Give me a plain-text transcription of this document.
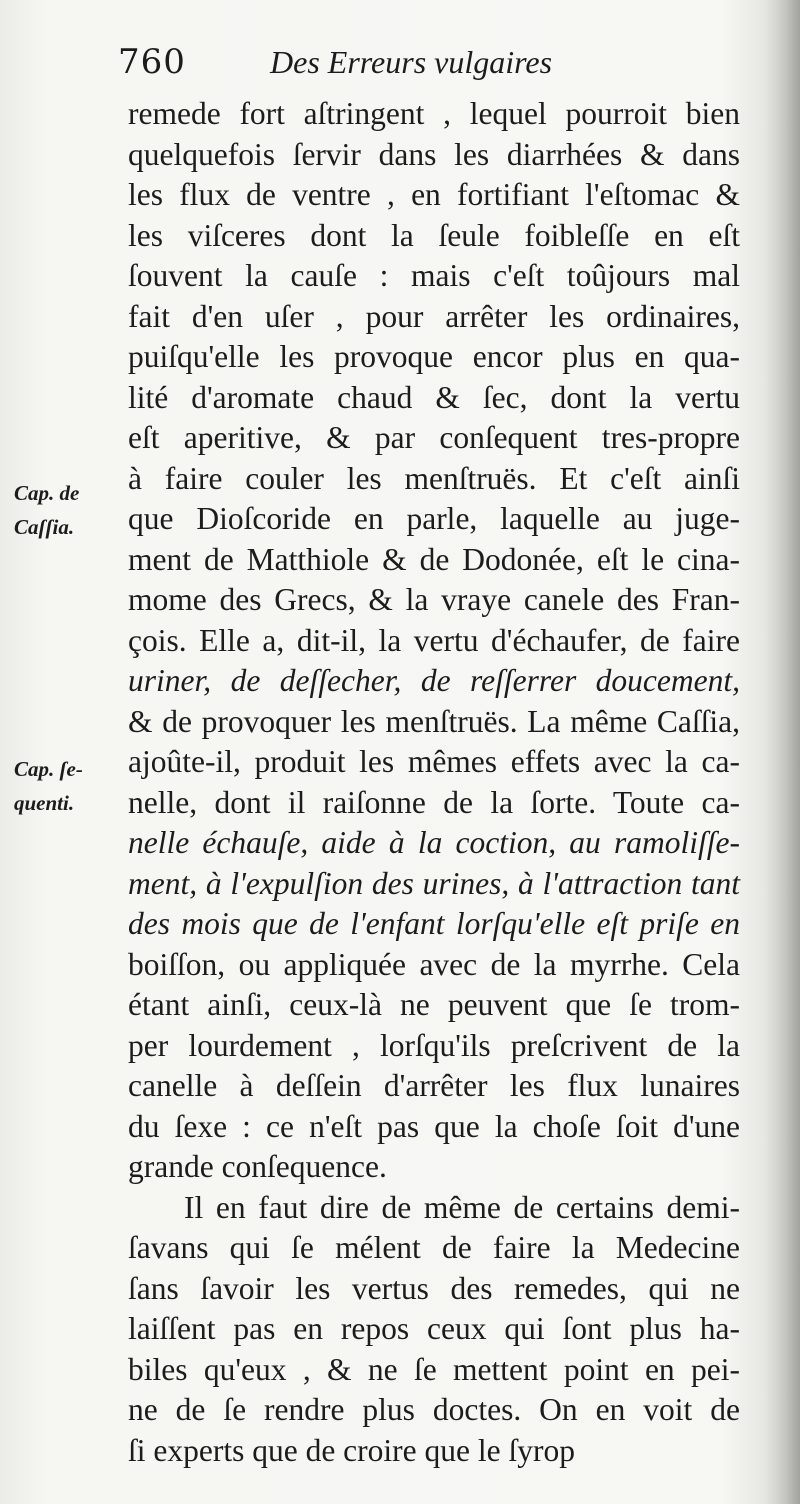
760	Des Erreurs vulgaires
Cap. de
Caſſia.
Cap. ſe-
quenti.
remede fort aſtringent , lequel pourroit bien
quelquefois ſervir dans les diarrhées & dans
les flux de ventre , en fortifiant l'eſtomac &
les viſceres dont la ſeule foibleſſe en eſt
ſouvent la cauſe : mais c'eſt toûjours mal
fait d'en uſer , pour arrêter les ordinaires,
puiſqu'elle les provoque encor plus en qua-
lité d'aromate chaud & ſec, dont la vertu
eſt aperitive, & par conſequent tres-propre
à faire couler les menſtruës. Et c'eſt ainſi
que Dioſcoride en parle, laquelle au juge-
ment de Matthiole & de Dodonée, eſt le cina-
mome des Grecs, & la vraye canele des Fran-
çois. Elle a, dit-il, la vertu d'échaufer, de faire
uriner, de deſſecher, de reſſerrer doucement,
& de provoquer les menſtruës. La même Caſſia,
ajoûte-il, produit les mêmes effets avec la ca-
nelle, dont il raiſonne de la ſorte. Toute ca-
nelle échauſe, aide à la coction, au ramoliſſe-
ment, à l'expulſion des urines, à l'attraction tant
des mois que de l'enfant lorſqu'elle eſt priſe en
boiſſon, ou appliquée avec de la myrrhe. Cela
étant ainſi, ceux-là ne peuvent que ſe trom-
per lourdement , lorſqu'ils preſcrivent de la
canelle à deſſein d'arrêter les flux lunaires
du ſexe : ce n'eſt pas que la choſe ſoit d'une
grande conſequence.
Il en faut dire de même de certains demi-
ſavans qui ſe mélent de faire la Medecine
ſans ſavoir les vertus des remedes, qui ne
laiſſent pas en repos ceux qui ſont plus ha-
biles qu'eux , & ne ſe mettent point en pei-
ne de ſe rendre plus doctes. On en voit de
ſi experts que de croire que le ſyrop
